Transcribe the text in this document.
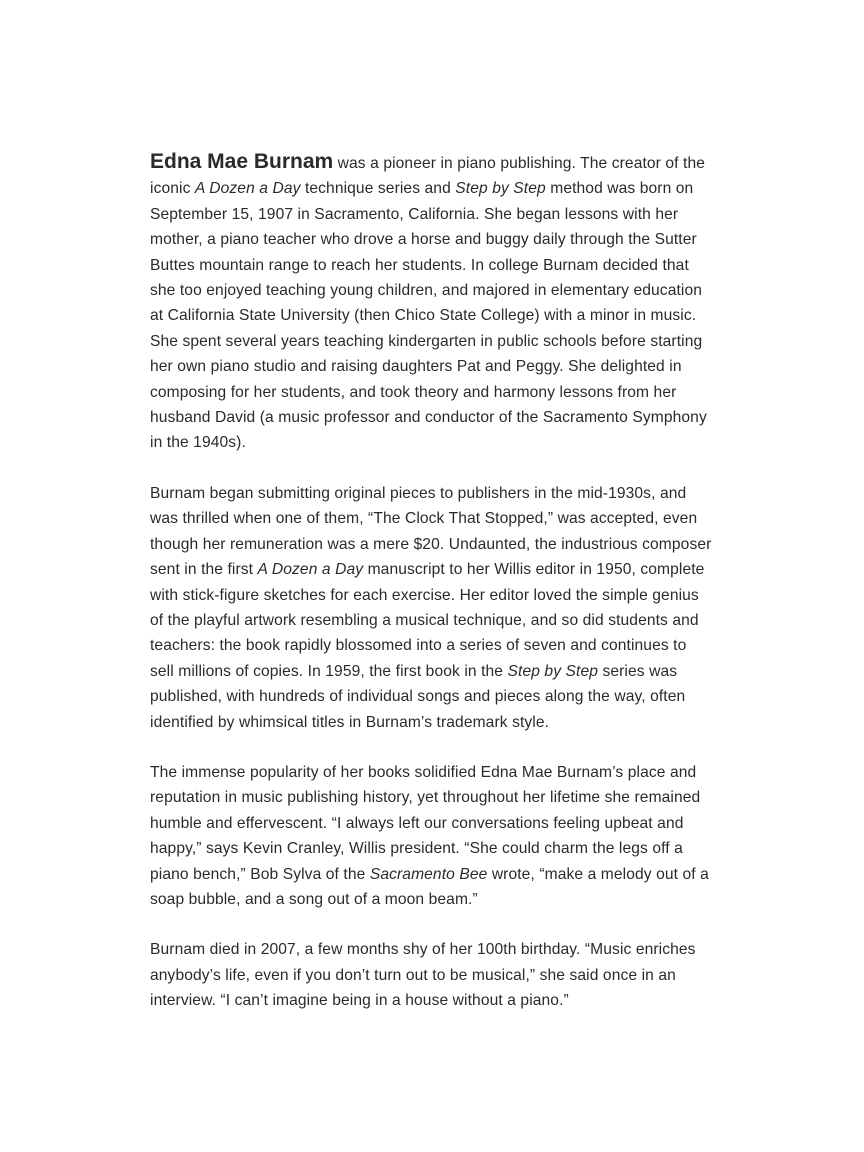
Edna Mae Burnam was a pioneer in piano publishing. The creator of the iconic A Dozen a Day technique series and Step by Step method was born on September 15, 1907 in Sacramento, California. She began lessons with her mother, a piano teacher who drove a horse and buggy daily through the Sutter Buttes mountain range to reach her students. In college Burnam decided that she too enjoyed teaching young children, and majored in elementary education at California State University (then Chico State College) with a minor in music. She spent several years teaching kindergarten in public schools before starting her own piano studio and raising daughters Pat and Peggy. She delighted in composing for her students, and took theory and harmony lessons from her husband David (a music professor and conductor of the Sacramento Symphony in the 1940s).

Burnam began submitting original pieces to publishers in the mid-1930s, and was thrilled when one of them, “The Clock That Stopped,” was accepted, even though her remuneration was a mere $20. Undaunted, the industrious composer sent in the first A Dozen a Day manuscript to her Willis editor in 1950, complete with stick-figure sketches for each exercise. Her editor loved the simple genius of the playful artwork resembling a musical technique, and so did students and teachers: the book rapidly blossomed into a series of seven and continues to sell millions of copies. In 1959, the first book in the Step by Step series was published, with hundreds of individual songs and pieces along the way, often identified by whimsical titles in Burnam’s trademark style.

The immense popularity of her books solidified Edna Mae Burnam’s place and reputation in music publishing history, yet throughout her lifetime she remained humble and effervescent. “I always left our conversations feeling upbeat and happy,” says Kevin Cranley, Willis president. “She could charm the legs off a piano bench,” Bob Sylva of the Sacramento Bee wrote, “make a melody out of a soap bubble, and a song out of a moon beam.”

Burnam died in 2007, a few months shy of her 100th birthday. “Music enriches anybody’s life, even if you don’t turn out to be musical,” she said once in an interview. “I can’t imagine being in a house without a piano.”
